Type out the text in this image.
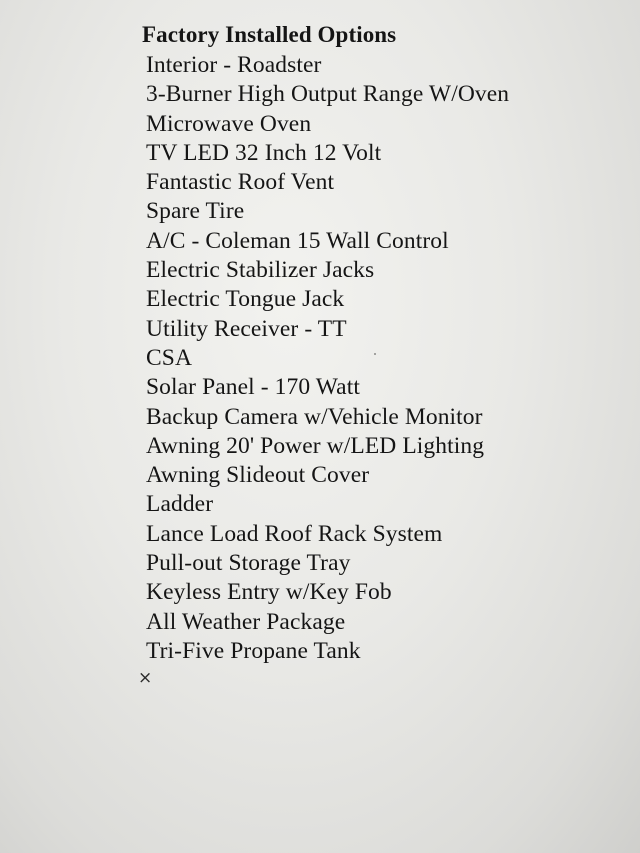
Factory Installed Options
Interior - Roadster
3-Burner High Output Range W/Oven
Microwave Oven
TV LED 32 Inch 12 Volt
Fantastic Roof Vent
Spare Tire
A/C - Coleman 15 Wall Control
Electric Stabilizer Jacks
Electric Tongue Jack
Utility Receiver - TT
CSA
Solar Panel - 170 Watt
Backup Camera w/Vehicle Monitor
Awning 20' Power w/LED Lighting
Awning Slideout Cover
Ladder
Lance Load Roof Rack System
Pull-out Storage Tray
Keyless Entry w/Key Fob
All Weather Package
Tri-Five Propane Tank
×
